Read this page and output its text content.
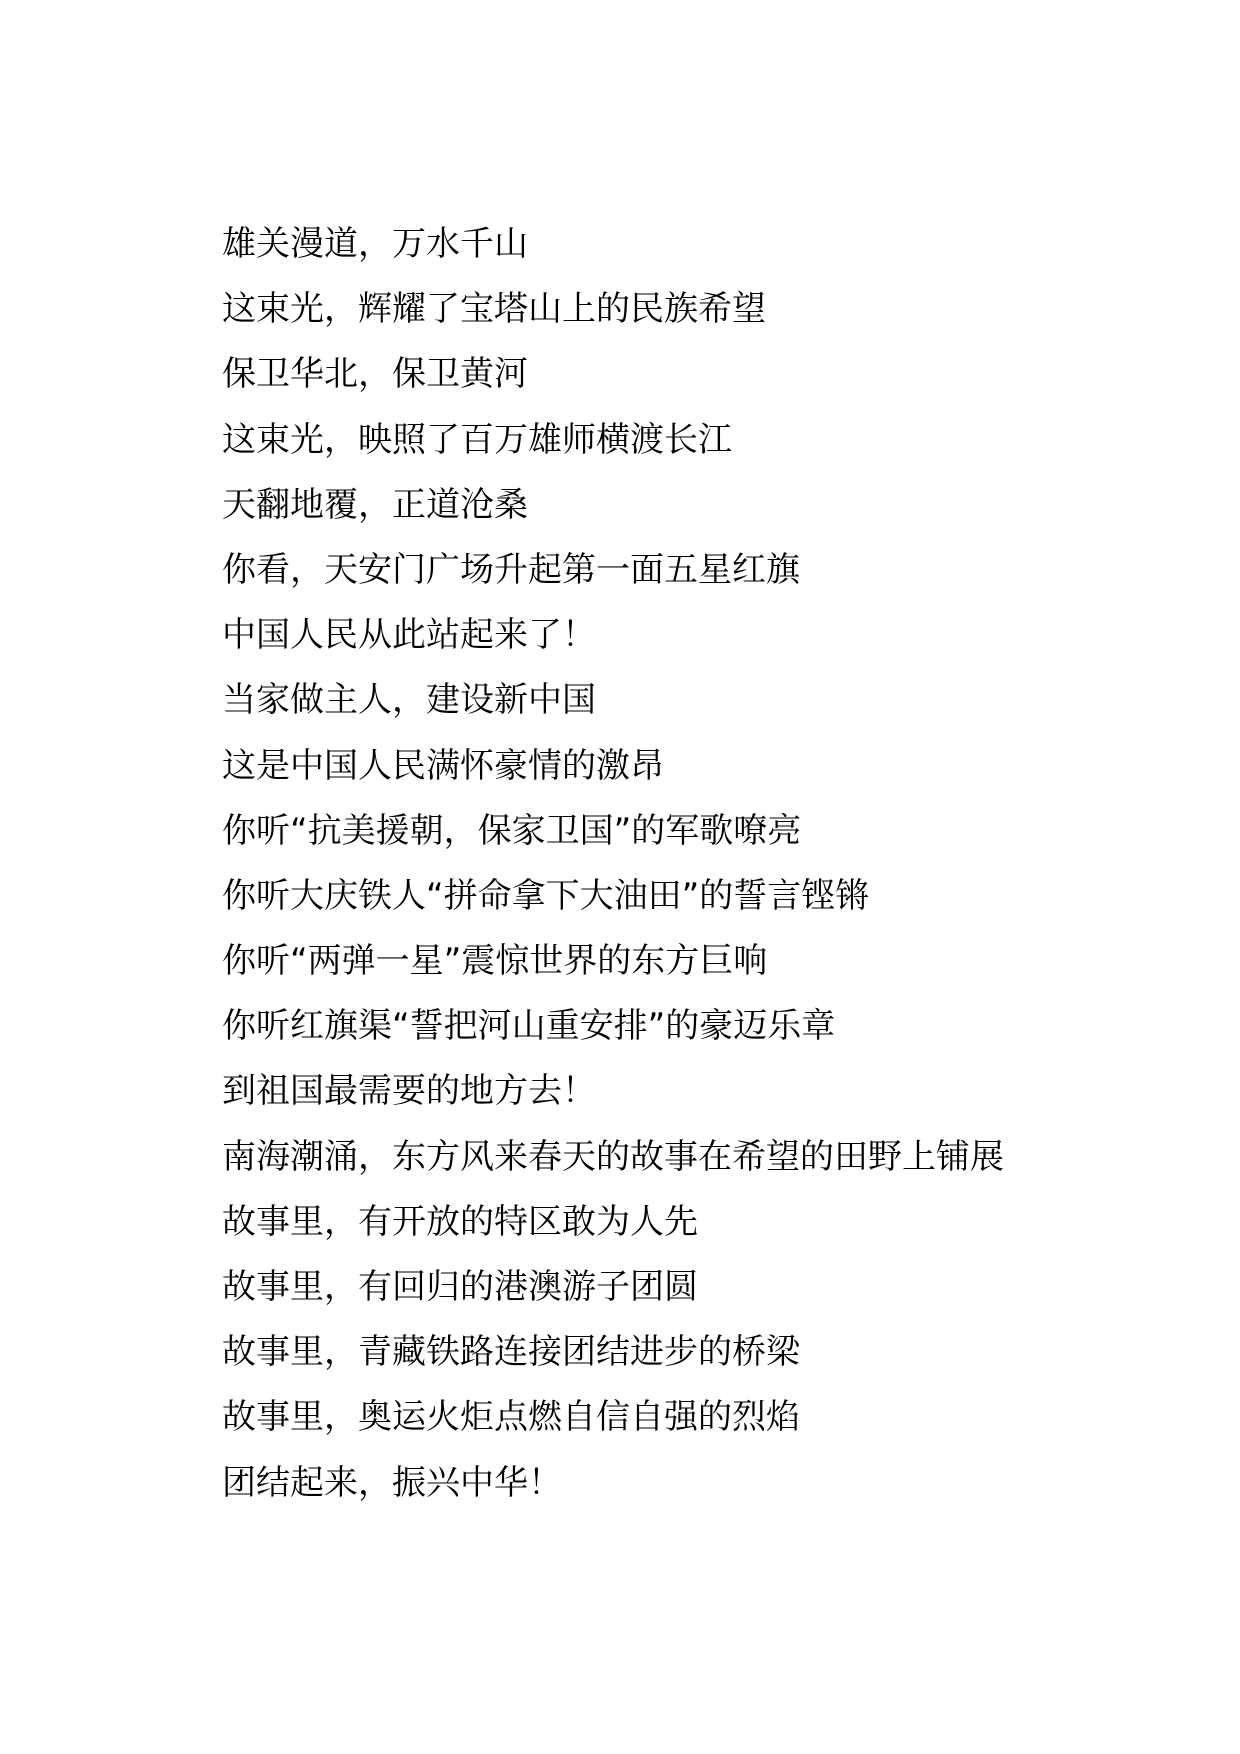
雄关漫道，万水千山
这束光，辉耀了宝塔山上的民族希望
保卫华北，保卫黄河
这束光，映照了百万雄师横渡长江
天翻地覆，正道沧桑
你看，天安门广场升起第一面五星红旗
中国人民从此站起来了！
当家做主人，建设新中国
这是中国人民满怀豪情的激昂
你听“抗美援朝，保家卫国”的军歌嘹亮
你听大庆铁人“拼命拿下大油田”的誓言铿锵
你听“两弹一星”震惊世界的东方巨响
你听红旗渠“誓把河山重安排”的豪迈乐章
到祖国最需要的地方去！
南海潮涌，东方风来春天的故事在希望的田野上铺展
故事里，有开放的特区敢为人先
故事里，有回归的港澳游子团圆
故事里，青藏铁路连接团结进步的桥梁
故事里，奥运火炬点燃自信自强的烈焰
团结起来，振兴中华！
